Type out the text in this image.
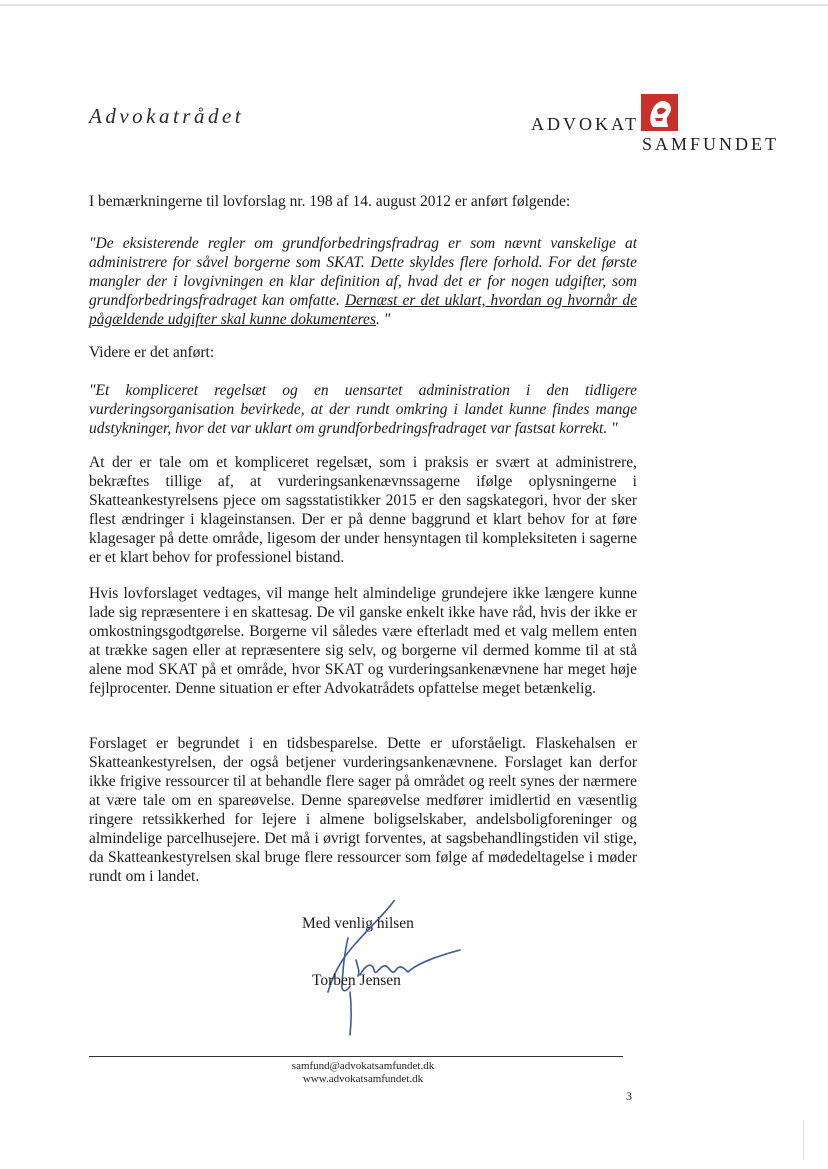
Advokatrådet	ADVOKAT
SAMFUNDET

I bemærkningerne til lovforslag nr. 198 af 14. august 2012 er anført følgende:

"De eksisterende regler om grundforbedringsfradrag er som nævnt vanskelige at administrere for såvel borgerne som SKAT. Dette skyldes flere forhold. For det første mangler der i lovgivningen en klar definition af, hvad det er for nogen udgifter, som grundforbedringsfradraget kan omfatte. Dernæst er det uklart, hvordan og hvornår de pågældende udgifter skal kunne dokumenteres. "

Videre er det anført:

"Et kompliceret regelsæt og en uensartet administration i den tidligere vurderingsorganisation bevirkede, at der rundt omkring i landet kunne findes mange udstykninger, hvor det var uklart om grundforbedringsfradraget var fastsat korrekt. "

At der er tale om et kompliceret regelsæt, som i praksis er svært at administrere, bekræftes tillige af, at vurderingsankenævnssagerne ifølge oplysningerne i Skatteankestyrelsens pjece om sagsstatistikker 2015 er den sagskategori, hvor der sker flest ændringer i klageinstansen. Der er på denne baggrund et klart behov for at føre klagesager på dette område, ligesom der under hensyntagen til kompleksiteten i sagerne er et klart behov for professionel bistand.

Hvis lovforslaget vedtages, vil mange helt almindelige grundejere ikke længere kunne lade sig repræsentere i en skattesag. De vil ganske enkelt ikke have råd, hvis der ikke er omkostningsgodtgørelse. Borgerne vil således være efterladt med et valg mellem enten at trække sagen eller at repræsentere sig selv, og borgerne vil dermed komme til at stå alene mod SKAT på et område, hvor SKAT og vurderingsankenævnene har meget høje fejlprocenter. Denne situation er efter Advokatrådets opfattelse meget betænkelig.

Forslaget er begrundet i en tidsbesparelse. Dette er uforståeligt. Flaskehalsen er Skatteankestyrelsen, der også betjener vurderingsankenævnene. Forslaget kan derfor ikke frigive ressourcer til at behandle flere sager på området og reelt synes der nærmere at være tale om en spareøvelse. Denne spareøvelse medfører imidlertid en væsentlig ringere retssikkerhed for lejere i almene boligselskaber, andelsboligforeninger og almindelige parcelhusejere. Det må i øvrigt forventes, at sagsbehandlingstiden vil stige, da Skatteankestyrelsen skal bruge flere ressourcer som følge af mødedeltagelse i møder rundt om i landet.

Med venlig hilsen
Torben Jensen
samfund@advokatsamfundet.dk
www.advokatsamfundet.dk
3
